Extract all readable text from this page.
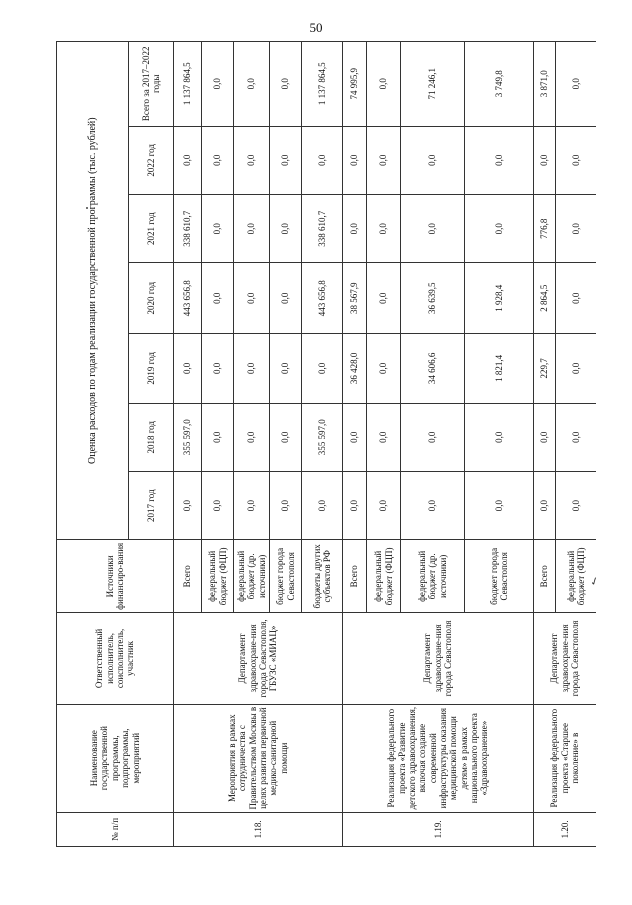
50
№ п/п	Наименование государственной программы, подпрограммы, мероприятий	Ответственный исполнитель, соисполнитель, участник	Источники финансиро-вания	Оценка расходов по годам реализации государственной программы (тыс. рублей)						
				2017 год	2018 год	2019 год	2020 год	2021 год	2022 год	Всего за 2017–2022 годы
1.18.	Мероприятия в рамках сотрудничества с Правительством Москвы в целях развития первичной медико-санитарной помощи	Департамент здравоохране-ния города Севастополя, ГБУЗС «МИАЦ»	Всего	0,0	355 597,0	0,0	443 656,8	338 610,7	0,0	1 137 864,5
			федеральный бюджет (ФЦП)	0,0	0,0	0,0	0,0	0,0	0,0	0,0
			федеральный бюджет (др. источники)	0,0	0,0	0,0	0,0	0,0	0,0	0,0
			бюджет города Севастополя	0,0	0,0	0,0	0,0	0,0	0,0	0,0
			бюджеты других субъектов РФ	0,0	355 597,0	0,0	443 656,8	338 610,7	0,0	1 137 864,5
1.19.	Реализация федерального проекта «Развитие детского здравоохранения, включая создание современной инфраструктуры оказания медицинской помощи детям» в рамках национального проекта «Здравоохранение»	Департамент здравоохране-ния города Севастополя	Всего	0,0	0,0	36 428,0	38 567,9	0,0	0,0	74 995,9
			федеральный бюджет (ФЦП)	0,0	0,0	0,0	0,0	0,0	0,0	0,0
			федеральный бюджет (др. источники)	0,0	0,0	34 606,6	36 639,5	0,0	0,0	71 246,1
			бюджет города Севастополя	0,0	0,0	1 821,4	1 928,4	0,0	0,0	3 749,8
1.20.	Реализация федерального проекта «Старшее поколение» в	Департамент здравоохране-ния города Севастополя	Всего	0,0	0,0	229,7	2 864,5	776,8	0,0	3 871,0
			федеральный бюджет (ФЦП)	0,0	0,0	0,0	0,0	0,0	0,0	0,0
✓
